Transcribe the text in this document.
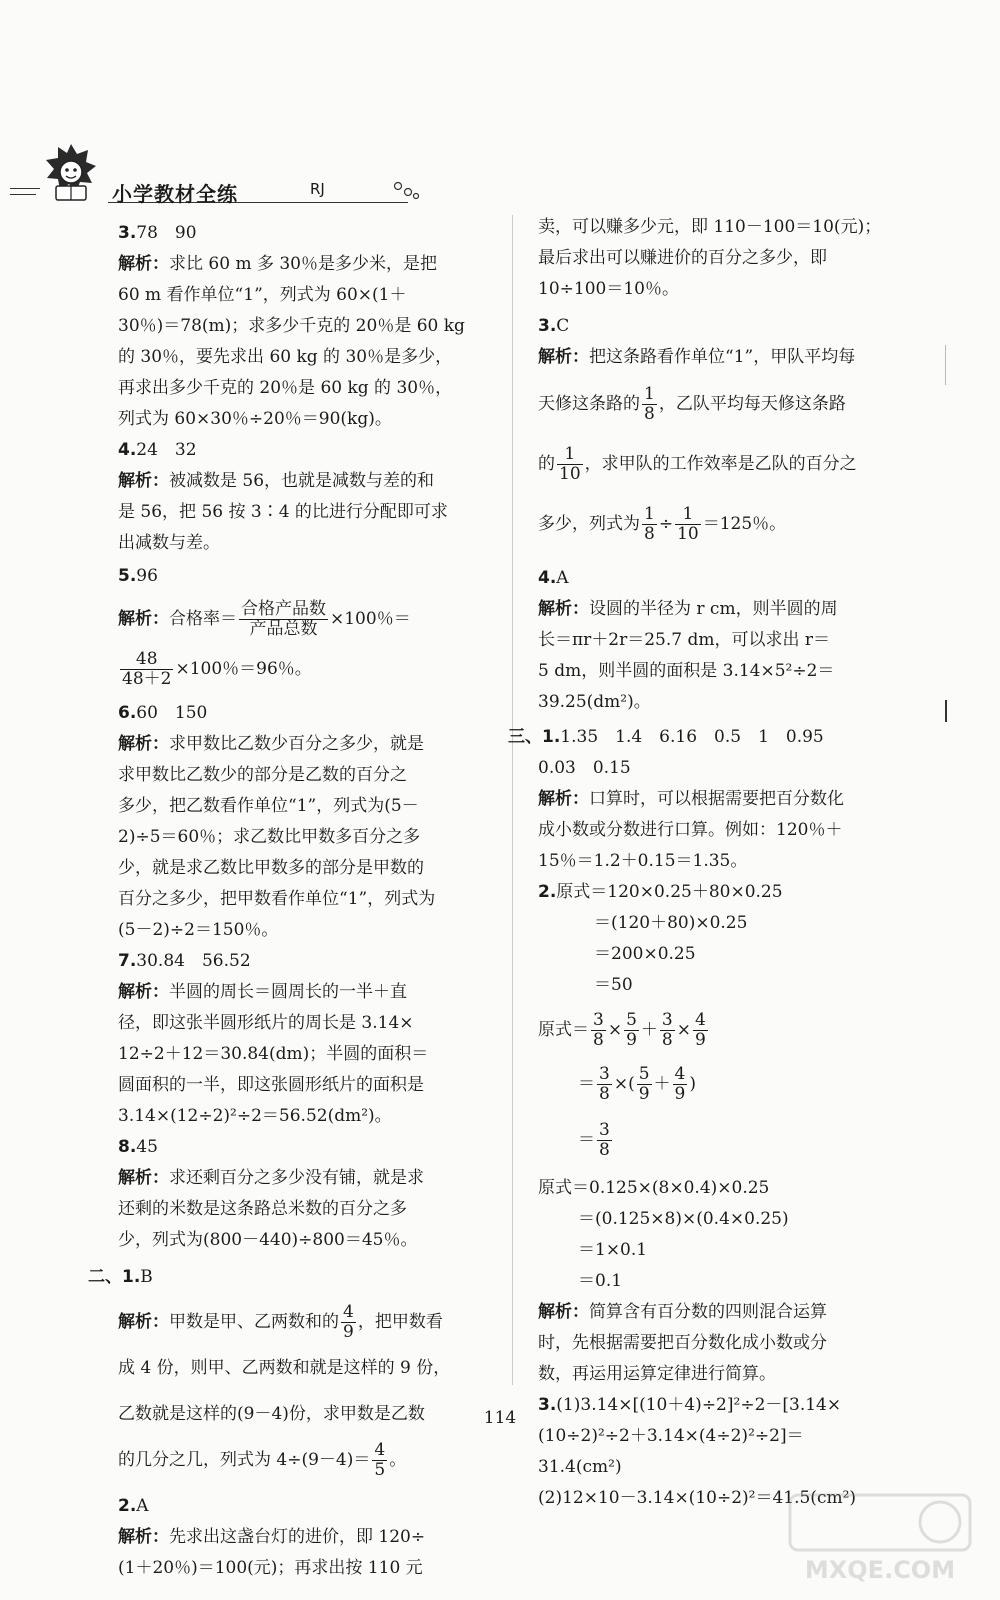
小学教材全练	RJ

3.78　90

解析：求比 60 m 多 30％是多少米，是把

60 m 看作单位“1”，列式为 60×(1＋

30％)＝78(m)；求多少千克的 20％是 60 kg

的 30％，要先求出 60 kg 的 30％是多少，

再求出多少千克的 20％是 60 kg 的 30％，

列式为 60×30％÷20％＝90(kg)。

4.24　32

解析：被减数是 56，也就是减数与差的和

是 56，把 56 按 3∶4 的比进行分配即可求

出减数与差。

5.96

解析：合格率＝ $\frac{\text{合格产品数}}{\text{产品总数}} \times 100$％＝

$\frac{48}{48+2} \times 100$％＝96％。

6.60　150

解析：求甲数比乙数少百分之多少，就是

求甲数比乙数少的部分是乙数的百分之

多少，把乙数看作单位“1”，列式为(5－

2)÷5＝60％；求乙数比甲数多百分之多

少，就是求乙数比甲数多的部分是甲数的

百分之多少，把甲数看作单位“1”，列式为

(5－2)÷2＝150％。

7.30.84　56.52

解析：半圆的周长＝圆周长的一半＋直

径，即这张半圆形纸片的周长是 3.14×

12÷2＋12＝30.84(dm)；半圆的面积＝

圆面积的一半，即这张圆形纸片的面积是

3.14×(12÷2)²÷2＝56.52(dm²)。

8.45

解析：求还剩百分之多少没有铺，就是求

还剩的米数是这条路总米数的百分之多

少，列式为(800－440)÷800＝45％。

二、1.B

解析：甲数是甲、乙两数和的 $\frac{4}{9}$ ，把甲数看

成 4 份，则甲、乙两数和就是这样的 9 份，

乙数就是这样的(9－4)份，求甲数是乙数

的几分之几，列式为 $4\div(9-4)= \frac{4}{5}$ 。

2.A

解析：先求出这盏台灯的进价，即 120÷

(1＋20％)＝100(元)；再求出按 110 元

卖，可以赚多少元，即 110－100＝10(元)；

最后求出可以赚进价的百分之多少，即

10÷100＝10％。

3.C

解析：把这条路看作单位“1”，甲队平均每

天修这条路的 $\frac{1}{8}$ ，乙队平均每天修这条路

的 $\frac{1}{10}$ ，求甲队的工作效率是乙队的百分之

多少，列式为 $\frac{1}{8} \div \frac{1}{10} =125$％。

4.A

解析：设圆的半径为 r cm，则半圆的周

长＝πr＋2r＝25.7 dm，可以求出 r＝

5 dm，则半圆的面积是 3.14×5²÷2＝

39.25(dm²)。

三、1.1.35　1.4　6.16　0.5　1　0.95

0.03　0.15

解析：口算时，可以根据需要把百分数化

成小数或分数进行口算。例如：120％＋

15％＝1.2＋0.15＝1.35。

2.原式＝120×0.25＋80×0.25

＝(120＋80)×0.25

＝200×0.25

＝50

原式＝ $\frac{3}{8} \times \frac{5}{9} + \frac{3}{8} \times \frac{4}{9}$

＝ $\frac{3}{8}$ ×( $\frac{5}{9} + \frac{4}{9}$ )

＝ $\frac{3}{8}$

原式＝0.125×(8×0.4)×0.25

＝(0.125×8)×(0.4×0.25)

＝1×0.1

＝0.1

解析：简算含有百分数的四则混合运算

时，先根据需要把百分数化成小数或分

数，再运用运算定律进行简算。

3.(1)3.14×[(10＋4)÷2]²÷2－[3.14×

(10÷2)²÷2＋3.14×(4÷2)²÷2]＝

31.4(cm²)

(2)12×10－3.14×(10÷2)²＝41.5(cm²)

114
MXQE.COM
